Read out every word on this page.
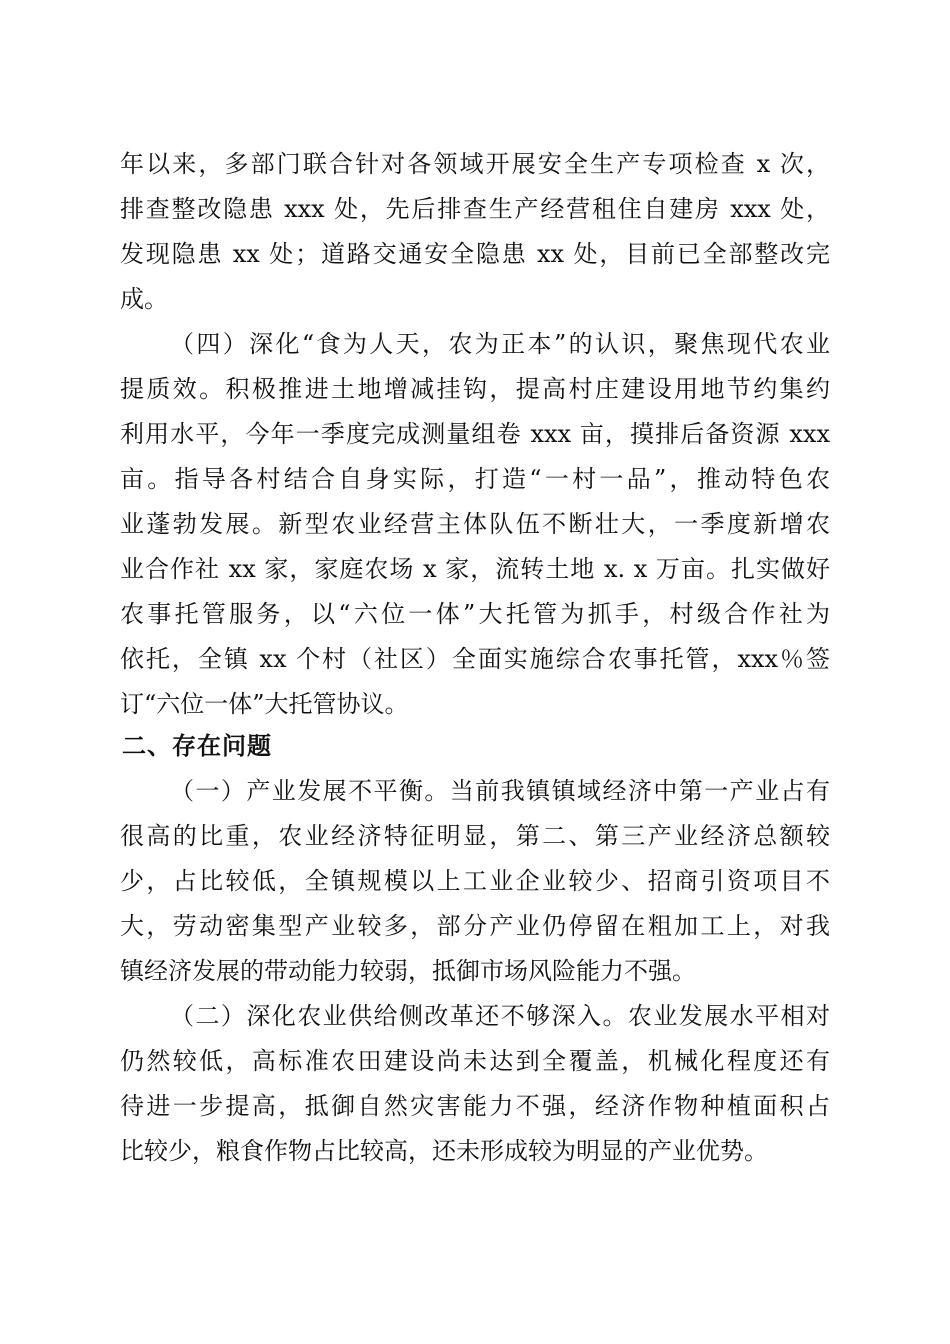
年以来，多部门联合针对各领域开展安全生产专项检查 x 次，
排查整改隐患 xxx 处，先后排查生产经营租住自建房 xxx 处，
发现隐患 xx 处；道路交通安全隐患 xx 处，目前已全部整改完
成。
（四）深化“食为人天，农为正本”的认识，聚焦现代农业
提质效。积极推进土地增减挂钩，提高村庄建设用地节约集约
利用水平，今年一季度完成测量组卷 xxx 亩，摸排后备资源 xxx
亩。指导各村结合自身实际，打造“一村一品”，推动特色农
业蓬勃发展。新型农业经营主体队伍不断壮大，一季度新增农
业合作社 xx 家，家庭农场 x 家，流转土地 x. x 万亩。扎实做好
农事托管服务，以“六位一体”大托管为抓手，村级合作社为
依托，全镇 xx 个村（社区）全面实施综合农事托管，xxx％签
订“六位一体”大托管协议。
二、存在问题
（一）产业发展不平衡。当前我镇镇域经济中第一产业占有
很高的比重，农业经济特征明显，第二、第三产业经济总额较
少，占比较低，全镇规模以上工业企业较少、招商引资项目不
大，劳动密集型产业较多，部分产业仍停留在粗加工上，对我
镇经济发展的带动能力较弱，抵御市场风险能力不强。
（二）深化农业供给侧改革还不够深入。农业发展水平相对
仍然较低，高标准农田建设尚未达到全覆盖，机械化程度还有
待进一步提高，抵御自然灾害能力不强，经济作物种植面积占
比较少，粮食作物占比较高，还未形成较为明显的产业优势。
